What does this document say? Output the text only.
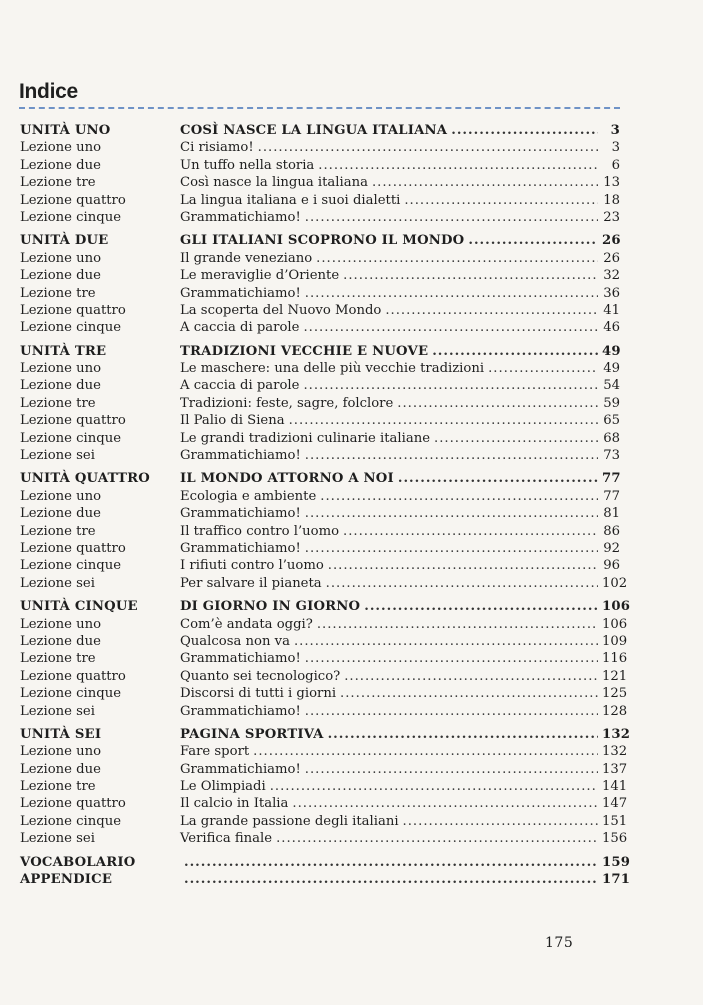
Indice
UNITÀ UNO	COSÌ NASCE LA LINGUA ITALIANA .....	3
Lezione uno	Ci risiamo! .....	3
Lezione due	Un tuffo nella storia .....	6
Lezione tre	Così nasce la lingua italiana .....	13
Lezione quattro	La lingua italiana e i suoi dialetti .....	18
Lezione cinque	Grammatichiamo! .....	23
UNITÀ DUE	GLI ITALIANI SCOPRONO IL MONDO .....	26
Lezione uno	Il grande veneziano .....	26
Lezione due	Le meraviglie d’Oriente .....	32
Lezione tre	Grammatichiamo! .....	36
Lezione quattro	La scoperta del Nuovo Mondo .....	41
Lezione cinque	A caccia di parole .....	46
UNITÀ TRE	TRADIZIONI VECCHIE E NUOVE .....	49
Lezione uno	Le maschere: una delle più vecchie tradizioni .....	49
Lezione due	A caccia di parole .....	54
Lezione tre	Tradizioni: feste, sagre, folclore .....	59
Lezione quattro	Il Palio di Siena .....	65
Lezione cinque	Le grandi tradizioni culinarie italiane .....	68
Lezione sei	Grammatichiamo! .....	73
UNITÀ QUATTRO	IL MONDO ATTORNO A NOI .....	77
Lezione uno	Ecologia e ambiente .....	77
Lezione due	Grammatichiamo! .....	81
Lezione tre	Il traffico contro l’uomo .....	86
Lezione quattro	Grammatichiamo! .....	92
Lezione cinque	I rifiuti contro l’uomo .....	96
Lezione sei	Per salvare il pianeta .....	102
UNITÀ CINQUE	DI GIORNO IN GIORNO .....	106
Lezione uno	Com’è andata oggi? .....	106
Lezione due	Qualcosa non va .....	109
Lezione tre	Grammatichiamo! .....	116
Lezione quattro	Quanto sei tecnologico? .....	121
Lezione cinque	Discorsi di tutti i giorni .....	125
Lezione sei	Grammatichiamo! .....	128
UNITÀ SEI	PAGINA SPORTIVA .....	132
Lezione uno	Fare sport .....	132
Lezione due	Grammatichiamo! .....	137
Lezione tre	Le Olimpiadi .....	141
Lezione quattro	Il calcio in Italia .....	147
Lezione cinque	La grande passione degli italiani .....	151
Lezione sei	Verifica finale .....	156
VOCABOLARIO .....	159
APPENDICE .....	171
175
